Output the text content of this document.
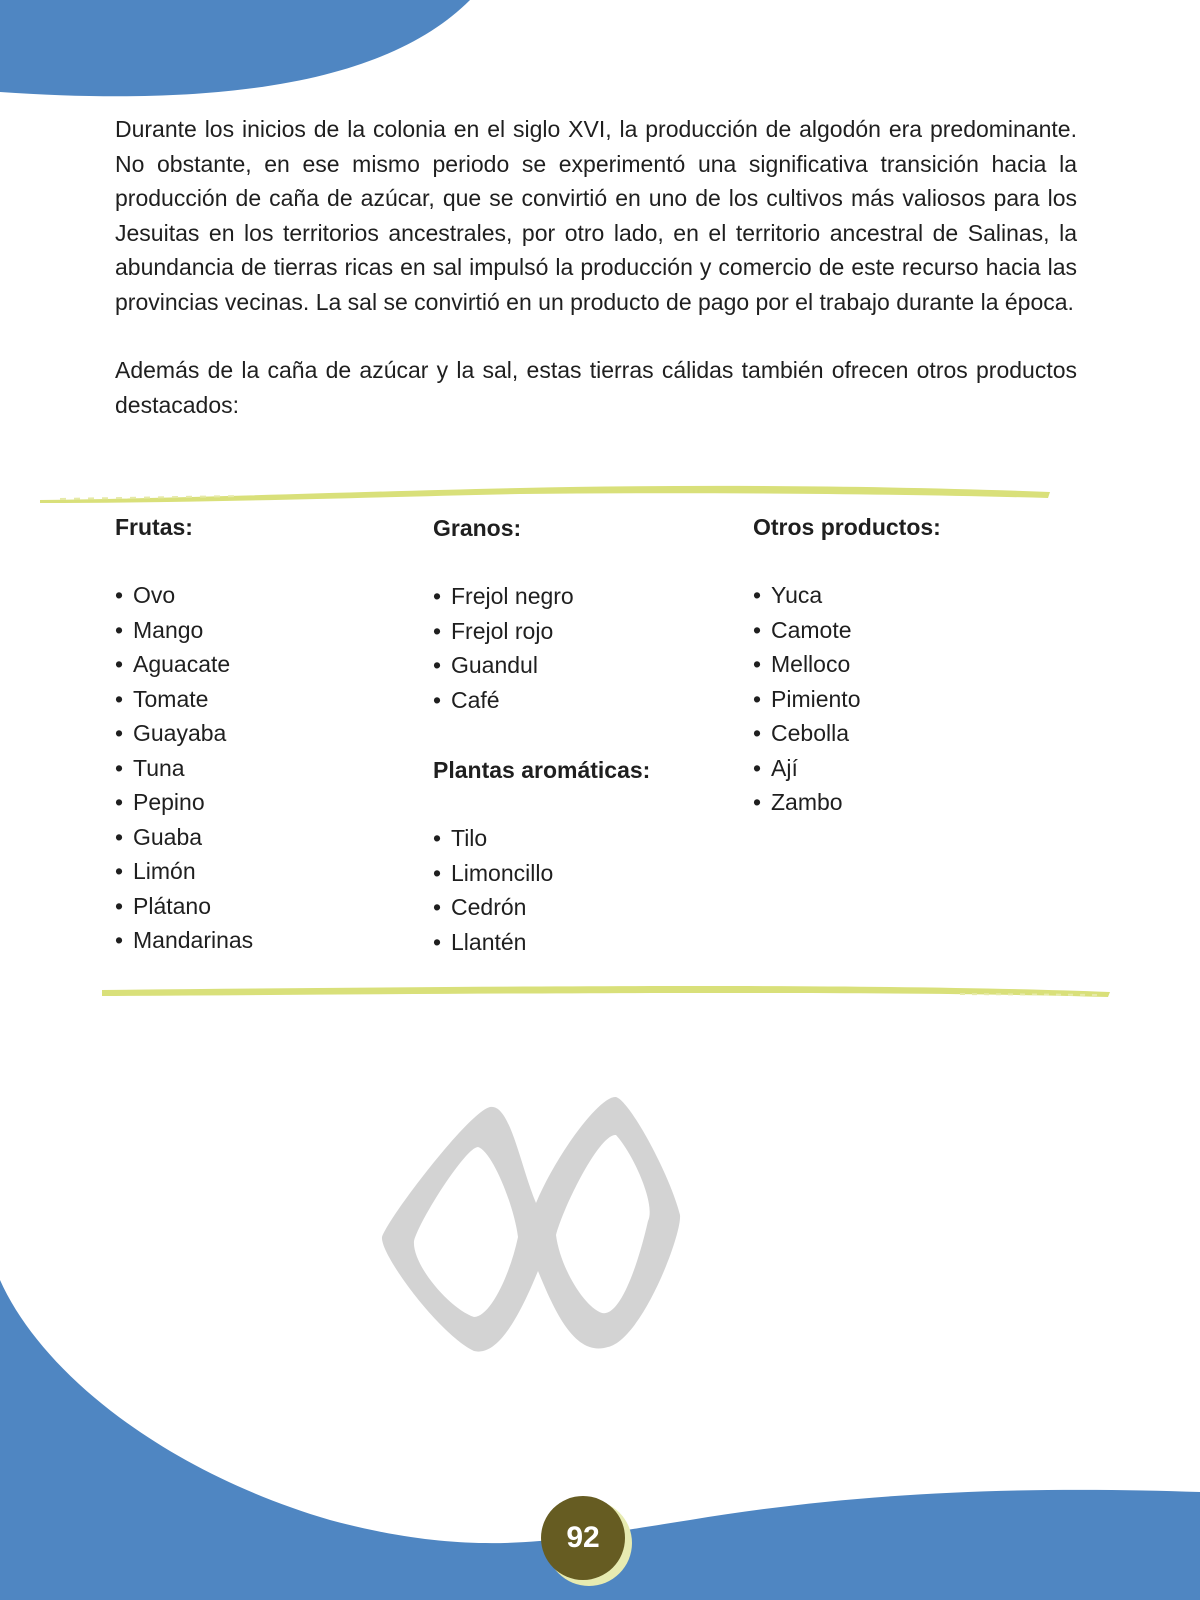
Durante los inicios de la colonia en el siglo XVI, la producción de algodón era predominante. No obstante, en ese mismo periodo se experimentó una significativa transición hacia la producción de caña de azúcar, que se convirtió en uno de los cultivos más valiosos para los Jesuitas en los territorios ancestrales, por otro lado, en el territorio ancestral de Salinas, la abundancia de tierras ricas en sal impulsó la producción y comercio de este recurso hacia las provincias vecinas. La sal se convirtió en un producto de pago por el trabajo durante la época.

Además de la caña de azúcar y la sal, estas tierras cálidas también ofrecen otros productos destacados:

Frutas:
• Ovo
• Mango
• Aguacate
• Tomate
• Guayaba
• Tuna
• Pepino
• Guaba
• Limón
• Plátano
• Mandarinas
Granos:
• Frejol negro
• Frejol rojo
• Guandul
• Café
Plantas aromáticas:
• Tilo
• Limoncillo
• Cedrón
• Llantén
Otros productos:
• Yuca
• Camote
• Melloco
• Pimiento
• Cebolla
• Ají
• Zambo
92
